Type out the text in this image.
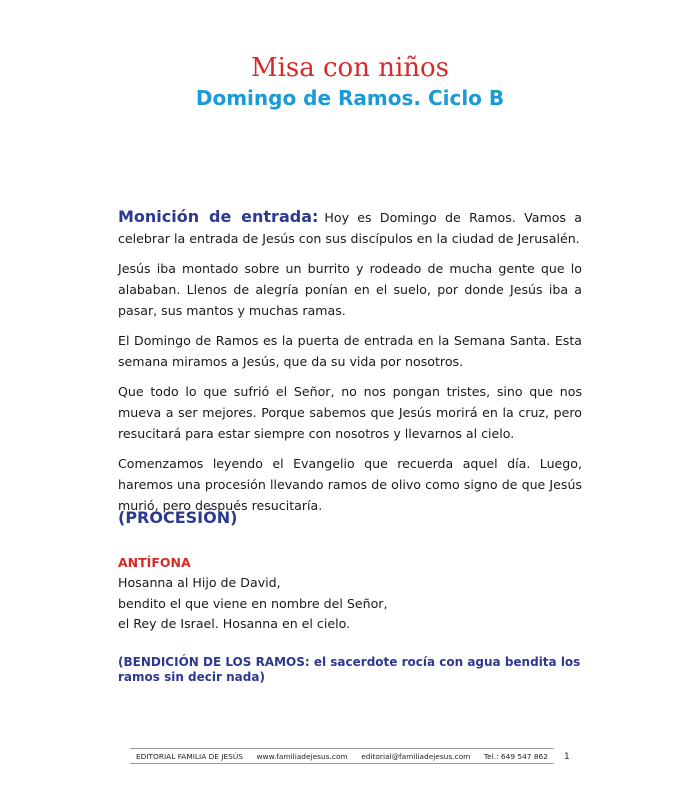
Misa con niños
Domingo de Ramos. Ciclo B

Monición de entrada: Hoy es Domingo de Ramos. Vamos a celebrar la entrada de Jesús con sus discípulos en la ciudad de Jerusalén.

Jesús iba montado sobre un burrito y rodeado de mucha gente que lo alababan. Llenos de alegría ponían en el suelo, por donde Jesús iba a pasar, sus mantos y muchas ramas.

El Domingo de Ramos es la puerta de entrada en la Semana Santa. Esta semana miramos a Jesús, que da su vida por nosotros.

Que todo lo que sufrió el Señor, no nos pongan tristes, sino que nos mueva a ser mejores. Porque sabemos que Jesús morirá en la cruz, pero resucitará para estar siempre con nosotros y llevarnos al cielo.

Comenzamos leyendo el Evangelio que recuerda aquel día. Luego, haremos una procesión llevando ramos de olivo como signo de que Jesús murió, pero después resucitaría.

(PROCESIÓN)
ANTÍFONA
Hosanna al Hijo de David,
bendito el que viene en nombre del Señor,
el Rey de Israel. Hosanna en el cielo.
(BENDICIÓN DE LOS RAMOS: el sacerdote rocía con agua bendita los ramos sin decir nada)
EDITORIAL FAMILIA DE JESÚS www.familiadejesus.com editorial@familiadejesus.com Tel.: 649 547 862 1
